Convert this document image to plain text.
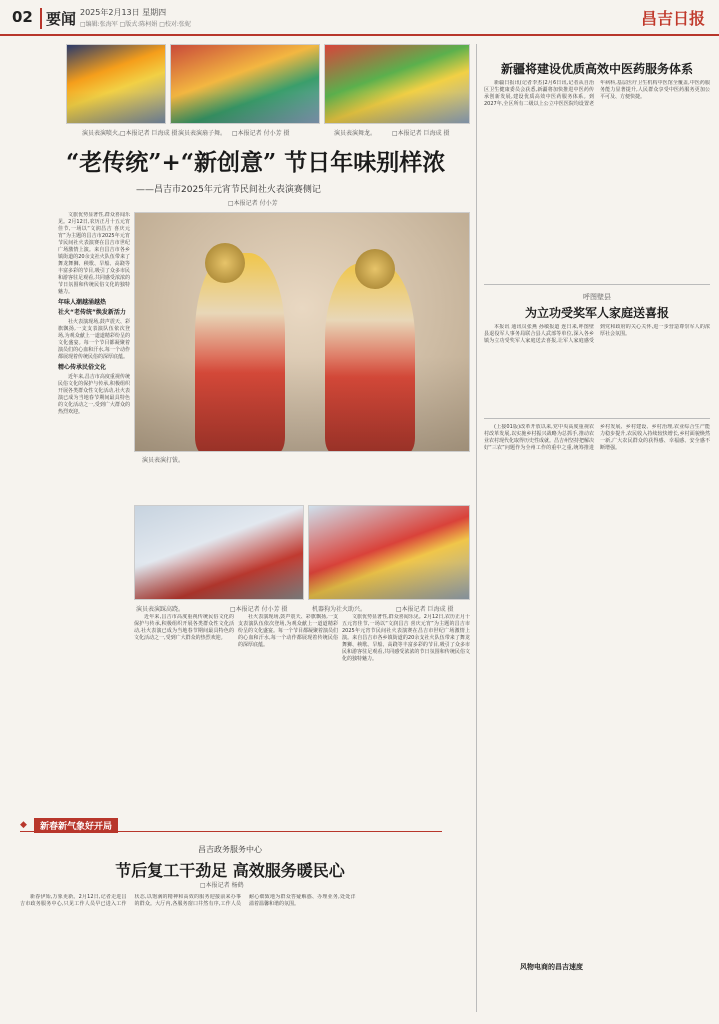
02 要闻 2025年2月13日 星期四
□编辑:张海军 □版式:陈柯娟 □校对:张妮	昌吉日报
演员表演喷火。
□本报记者 巨海成 摄 演员表演扇子舞。 □本报记者 付小芳 摄	演员表演舞龙。	□本报记者 巨海成 摄
“老传统”+“新创意” 节日年味别样浓
——昌吉市2025年元宵节民间社火表演赛侧记
□本报记者 付小芳

文旅优势显著性,群众喜闻乐见。2月12日,农历正月十五元宵佳节,一场以“文润昌吉 喜庆元宵”为主题的昌吉市2025年元宵节民间社火表演赛在昌吉市世纪广场激情上演。来自昌吉市各乡镇街道的20余支社火队伍带来了舞龙舞狮、秧歌、旱船、高跷等丰富多彩的节目,吸引了众多市民和游客驻足观看,共同感受浓浓的节日氛围和传统民俗文化的独特魅力。

年味人潮越涌越热
社火“老传统”焕发新活力

社火表演现场,鼓声震天、彩旗飘扬,一支支表演队伍依次登场,为观众献上一道道精彩纷呈的文化盛宴。每一个节目都凝聚着演员们的心血和汗水,每一个动作都展现着传统民俗的深厚底蕴。

精心传承民俗文化

近年来,昌吉市高度重视传统民俗文化的保护与传承,积极组织开展各类群众性文化活动,社火表演已成为当地春节期间最具特色的文化活动之一,受到广大群众的热烈欢迎。

演员表演打钹。
演员表演踩高跷。	□本报记者 付小芳 摄	机器狗为社火助兴。	□本报记者 巨海成 摄

近年来,昌吉市高度重视传统民俗文化的保护与传承,积极组织开展各类群众性文化活动,社火表演已成为当地春节期间最具特色的文化活动之一,受到广大群众的热烈欢迎。

社火表演现场,鼓声震天、彩旗飘扬,一支支表演队伍依次登场,为观众献上一道道精彩纷呈的文化盛宴。每一个节目都凝聚着演员们的心血和汗水,每一个动作都展现着传统民俗的深厚底蕴。

文旅优势显著性,群众喜闻乐见。2月12日,农历正月十五元宵佳节,一场以“文润昌吉 喜庆元宵”为主题的昌吉市2025年元宵节民间社火表演赛在昌吉市世纪广场激情上演。来自昌吉市各乡镇街道的20余支社火队伍带来了舞龙舞狮、秧歌、旱船、高跷等丰富多彩的节目,吸引了众多市民和游客驻足观看,共同感受浓浓的节日氛围和传统民俗文化的独特魅力。

新疆将建设优质高效中医药服务体系

新疆日报讯(记者李杰)2月6日讯,记者从自治区卫生健康委员会获悉,新疆将加快推进中医药传承创新发展,建设优质高效中医药服务体系。到2027年,全区所有二级以上公立中医医院均设置老年病科,基层医疗卫生机构中医馆全覆盖,中医药服务能力显著提升,人民群众享受中医药服务更加公平可及、方便快捷。

呼图壁县
为立功受奖军人家庭送喜报

本报讯 通讯员张燕 孙敏报道 连日来,呼图壁县退役军人事务局联合县人武部等单位,深入各乡镇为立功受奖军人家庭送去喜报,让军人家庭感受到党和政府的关心关怀,进一步营造尊崇军人的浓厚社会氛围。

(上接01版)改革开放以来,党中央高度重视农村改革发展,以实施乡村振兴战略为总抓手,推动农业农村现代化取得历史性成就。昌吉州坚持把解决好“三农”问题作为全州工作的重中之重,统筹推进乡村发展、乡村建设、乡村治理,农业综合生产能力稳步提升,农民收入持续较快增长,乡村面貌焕然一新,广大农民群众的获得感、幸福感、安全感不断增强。

风物电商的昌吉速度
◆	新春新气象好开局
昌吉政务服务中心
节后复工干劲足 高效服务暖民心
□本报记者 杨鹤

新春伊始,万象更新。2月12日,记者走进昌吉市政务服务中心,只见工作人员早已进入工作状态,以饱满的精神和高效的服务迎接前来办事的群众。大厅内,各服务窗口井然有序,工作人员耐心细致地为群众答疑解惑、办理业务,处处洋溢着温馨和谐的氛围。
